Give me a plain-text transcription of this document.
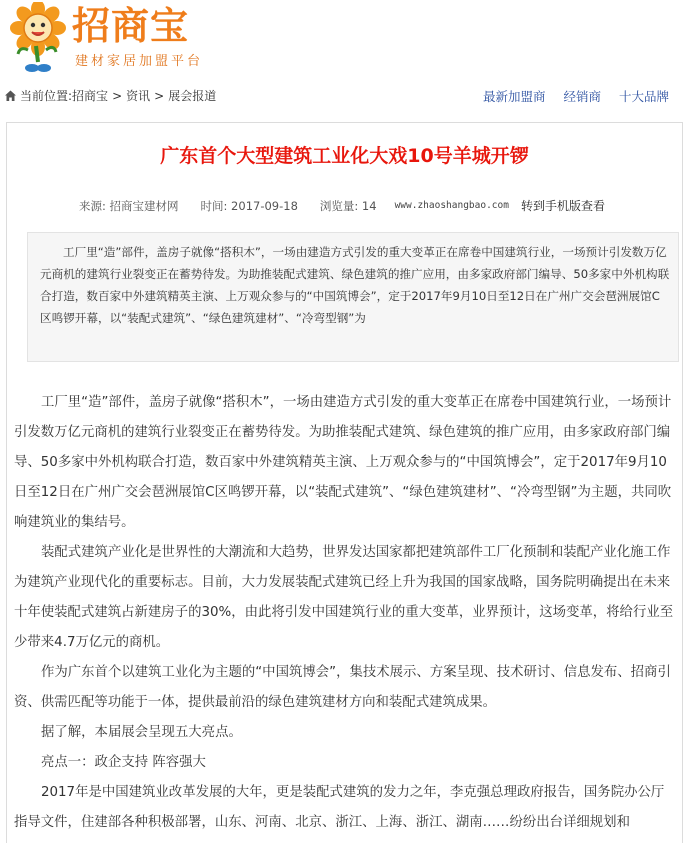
招商宝
建材家居加盟平台
当前位置: 招商宝 > 资讯 > 展会报道	最新加盟商 经销商 十大品牌
广东首个大型建筑工业化大戏10号羊城开锣
来源: 招商宝建材网 时间: 2017-09-18 浏览量: 14 www.zhaoshangbao.com 转到手机版查看
工厂里“造”部件，盖房子就像“搭积木”，一场由建造方式引发的重大变革正在席卷中国建筑行业，一场预计引发数万亿元商机的建筑行业裂变正在蓄势待发。为助推装配式建筑、绿色建筑的推广应用，由多家政府部门编导、50多家中外机构联合打造，数百家中外建筑精英主演、上万观众参与的“中国筑博会”，定于2017年9月10日至12日在广州广交会琶洲展馆C区鸣锣开幕，以“装配式建筑”、“绿色建筑建材”、“冷弯型钢”为

工厂里“造”部件，盖房子就像“搭积木”，一场由建造方式引发的重大变革正在席卷中国建筑行业，一场预计引发数万亿元商机的建筑行业裂变正在蓄势待发。为助推装配式建筑、绿色建筑的推广应用，由多家政府部门编导、50多家中外机构联合打造，数百家中外建筑精英主演、上万观众参与的“中国筑博会”，定于2017年9月10日至12日在广州广交会琶洲展馆C区鸣锣开幕，以“装配式建筑”、“绿色建筑建材”、“冷弯型钢”为主题，共同吹响建筑业的集结号。

装配式建筑产业化是世界性的大潮流和大趋势，世界发达国家都把建筑部件工厂化预制和装配产业化施工作为建筑产业现代化的重要标志。目前，大力发展装配式建筑已经上升为我国的国家战略，国务院明确提出在未来十年使装配式建筑占新建房子的30%，由此将引发中国建筑行业的重大变革，业界预计，这场变革，将给行业至少带来4.7万亿元的商机。

作为广东首个以建筑工业化为主题的“中国筑博会”，集技术展示、方案呈现、技术研讨、信息发布、招商引资、供需匹配等功能于一体，提供最前沿的绿色建筑建材方向和装配式建筑成果。

据了解，本届展会呈现五大亮点。

亮点一：政企支持 阵容强大

2017年是中国建筑业改革发展的大年，更是装配式建筑的发力之年，李克强总理政府报告，国务院办公厅指导文件，住建部各种积极部署，山东、河南、北京、浙江、上海、浙江、湖南……纷纷出台详细规划和
